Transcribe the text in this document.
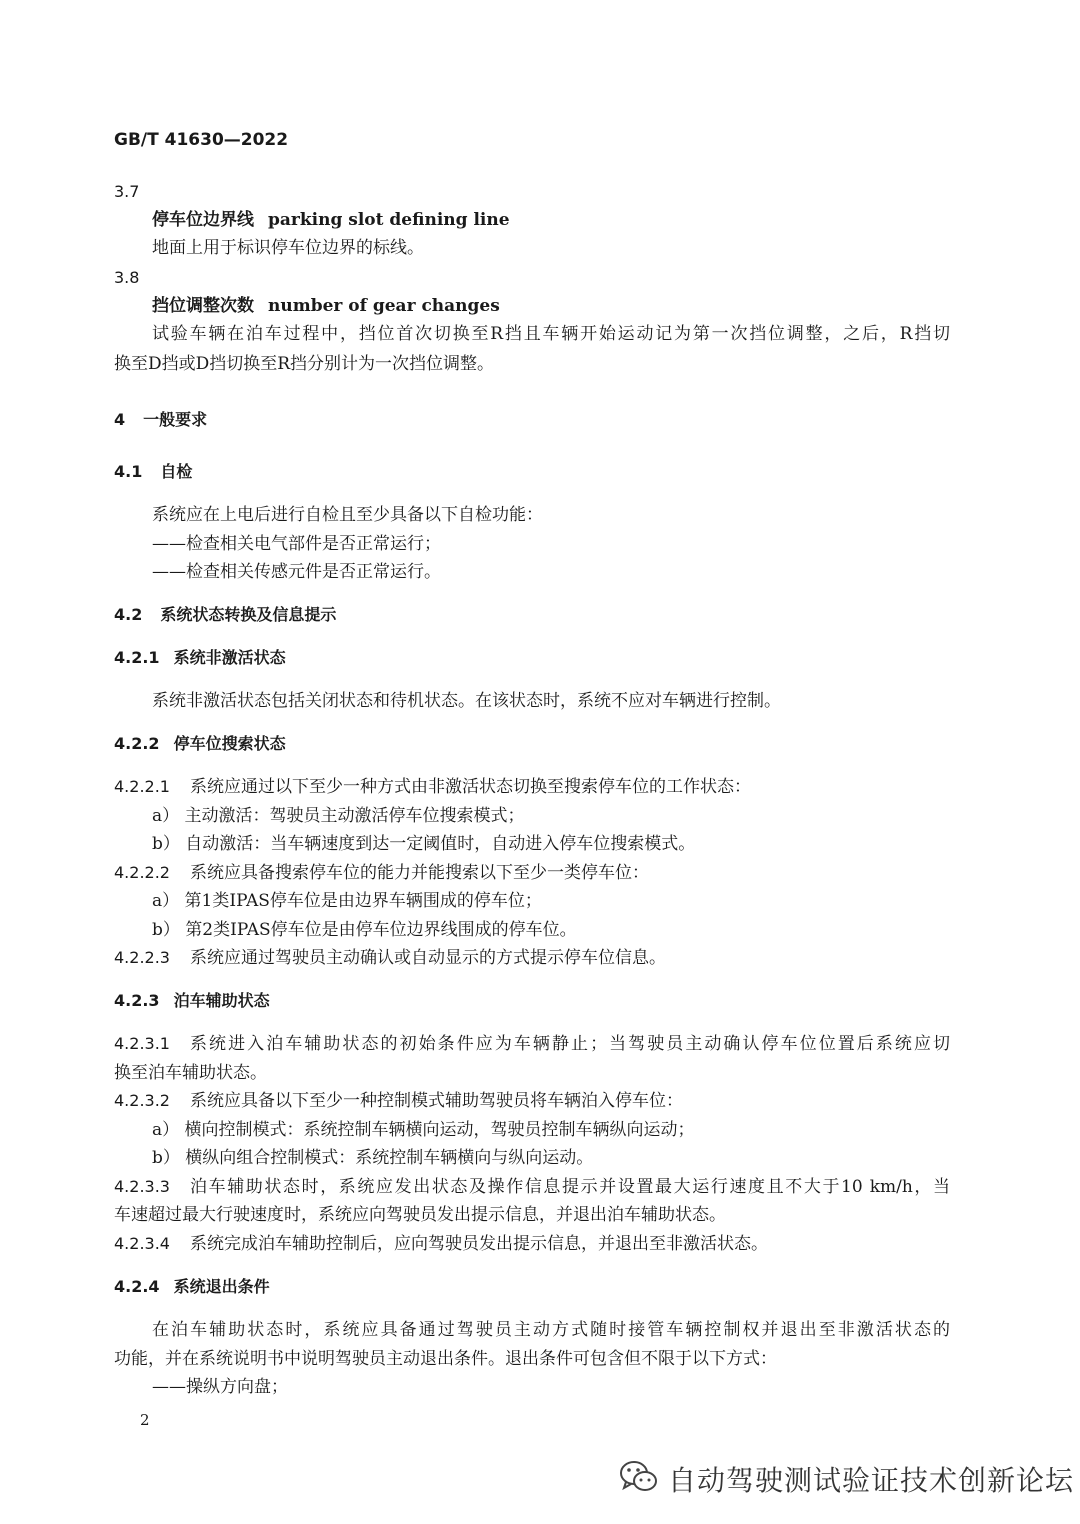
GB/T 41630—2022
3.7
停车位边界线 parking slot defining line
地面上用于标识停车位边界的标线。
3.8
挡位调整次数 number of gear changes
试验车辆在泊车过程中，挡位首次切换至R挡且车辆开始运动记为第一次挡位调整，之后，R挡切
换至D挡或D挡切换至R挡分别计为一次挡位调整。
4 一般要求
4.1 自检
系统应在上电后进行自检且至少具备以下自检功能：
——检查相关电气部件是否正常运行；
——检查相关传感元件是否正常运行。
4.2 系统状态转换及信息提示
4.2.1 系统非激活状态
系统非激活状态包括关闭状态和待机状态。在该状态时，系统不应对车辆进行控制。
4.2.2 停车位搜索状态
4.2.2.1 系统应通过以下至少一种方式由非激活状态切换至搜索停车位的工作状态：
a） 主动激活：驾驶员主动激活停车位搜索模式；
b） 自动激活：当车辆速度到达一定阈值时，自动进入停车位搜索模式。
4.2.2.2 系统应具备搜索停车位的能力并能搜索以下至少一类停车位：
a） 第1类IPAS停车位是由边界车辆围成的停车位；
b） 第2类IPAS停车位是由停车位边界线围成的停车位。
4.2.2.3 系统应通过驾驶员主动确认或自动显示的方式提示停车位信息。
4.2.3 泊车辅助状态
4.2.3.1 系统进入泊车辅助状态的初始条件应为车辆静止；当驾驶员主动确认停车位位置后系统应切
换至泊车辅助状态。
4.2.3.2 系统应具备以下至少一种控制模式辅助驾驶员将车辆泊入停车位：
a） 横向控制模式：系统控制车辆横向运动，驾驶员控制车辆纵向运动；
b） 横纵向组合控制模式：系统控制车辆横向与纵向运动。
4.2.3.3 泊车辅助状态时，系统应发出状态及操作信息提示并设置最大运行速度且不大于10 km/h，当
车速超过最大行驶速度时，系统应向驾驶员发出提示信息，并退出泊车辅助状态。
4.2.3.4 系统完成泊车辅助控制后，应向驾驶员发出提示信息，并退出至非激活状态。
4.2.4 系统退出条件
在泊车辅助状态时，系统应具备通过驾驶员主动方式随时接管车辆控制权并退出至非激活状态的
功能，并在系统说明书中说明驾驶员主动退出条件。退出条件可包含但不限于以下方式：
——操纵方向盘；
2
自动驾驶测试验证技术创新论坛
